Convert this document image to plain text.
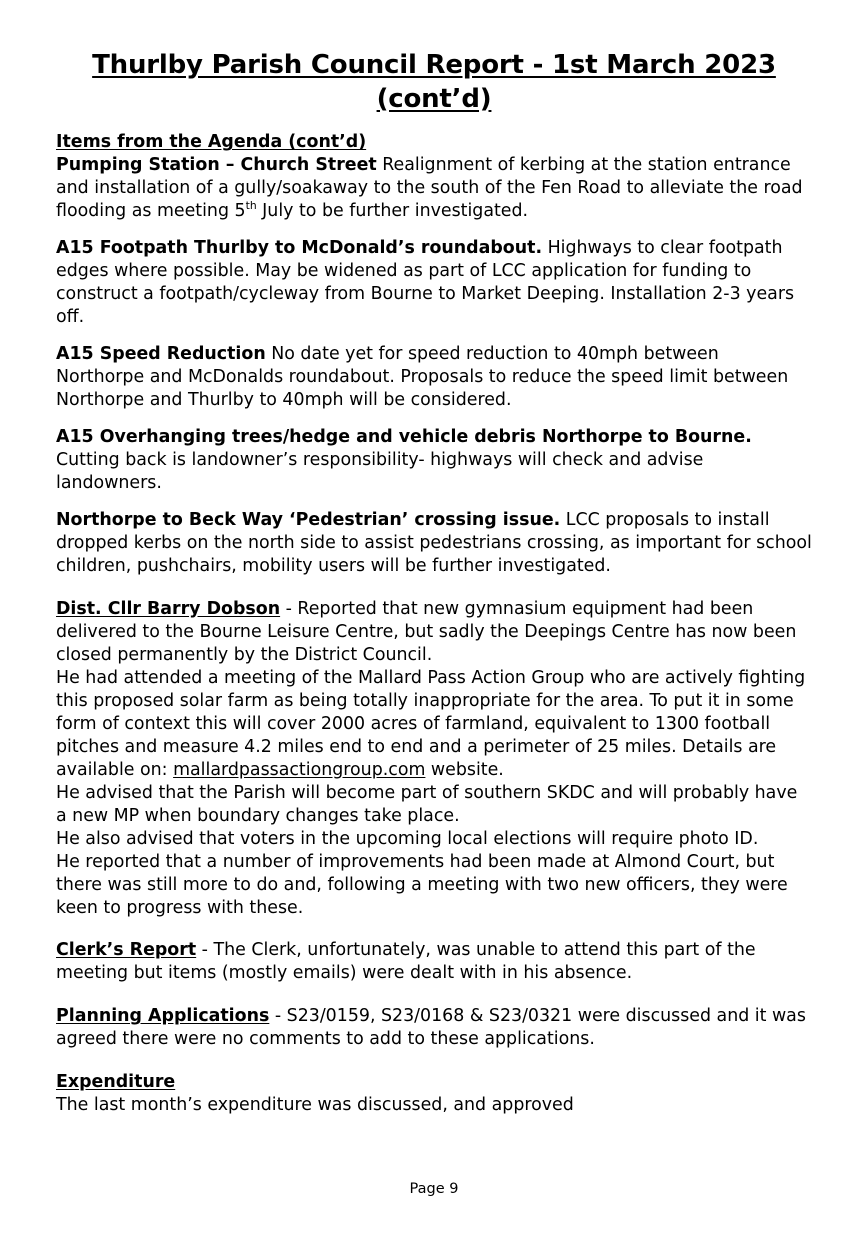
Thurlby Parish Council Report - 1st March 2023
(cont’d)

Items from the Agenda (cont’d)

Pumping Station – Church Street Realignment of kerbing at the station entrance and installation of a gully/soakaway to the south of the Fen Road to alleviate the road flooding as meeting 5th July to be further investigated.

A15 Footpath Thurlby to McDonald’s roundabout. Highways to clear footpath edges where possible. May be widened as part of LCC application for funding to construct a footpath/cycleway from Bourne to Market Deeping. Installation 2-3 years off.

A15 Speed Reduction No date yet for speed reduction to 40mph between Northorpe and McDonalds roundabout. Proposals to reduce the speed limit between Northorpe and Thurlby to 40mph will be considered.

A15 Overhanging trees/hedge and vehicle debris Northorpe to Bourne. Cutting back is landowner’s responsibility- highways will check and advise landowners.

Northorpe to Beck Way ‘Pedestrian’ crossing issue. LCC proposals to install dropped kerbs on the north side to assist pedestrians crossing, as important for school children, pushchairs, mobility users will be further investigated.

Dist. Cllr Barry Dobson - Reported that new gymnasium equipment had been delivered to the Bourne Leisure Centre, but sadly the Deepings Centre has now been closed permanently by the District Council.

He had attended a meeting of the Mallard Pass Action Group who are actively fighting this proposed solar farm as being totally inappropriate for the area. To put it in some form of context this will cover 2000 acres of farmland, equivalent to 1300 football pitches and measure 4.2 miles end to end and a perimeter of 25 miles. Details are available on: mallardpassactiongroup.com website.

He advised that the Parish will become part of southern SKDC and will probably have a new MP when boundary changes take place.

He also advised that voters in the upcoming local elections will require photo ID.

He reported that a number of improvements had been made at Almond Court, but there was still more to do and, following a meeting with two new officers, they were keen to progress with these.

Clerk’s Report - The Clerk, unfortunately, was unable to attend this part of the meeting but items (mostly emails) were dealt with in his absence.

Planning Applications - S23/0159, S23/0168 & S23/0321 were discussed and it was agreed there were no comments to add to these applications.

Expenditure

The last month’s expenditure was discussed, and approved

Page 9
